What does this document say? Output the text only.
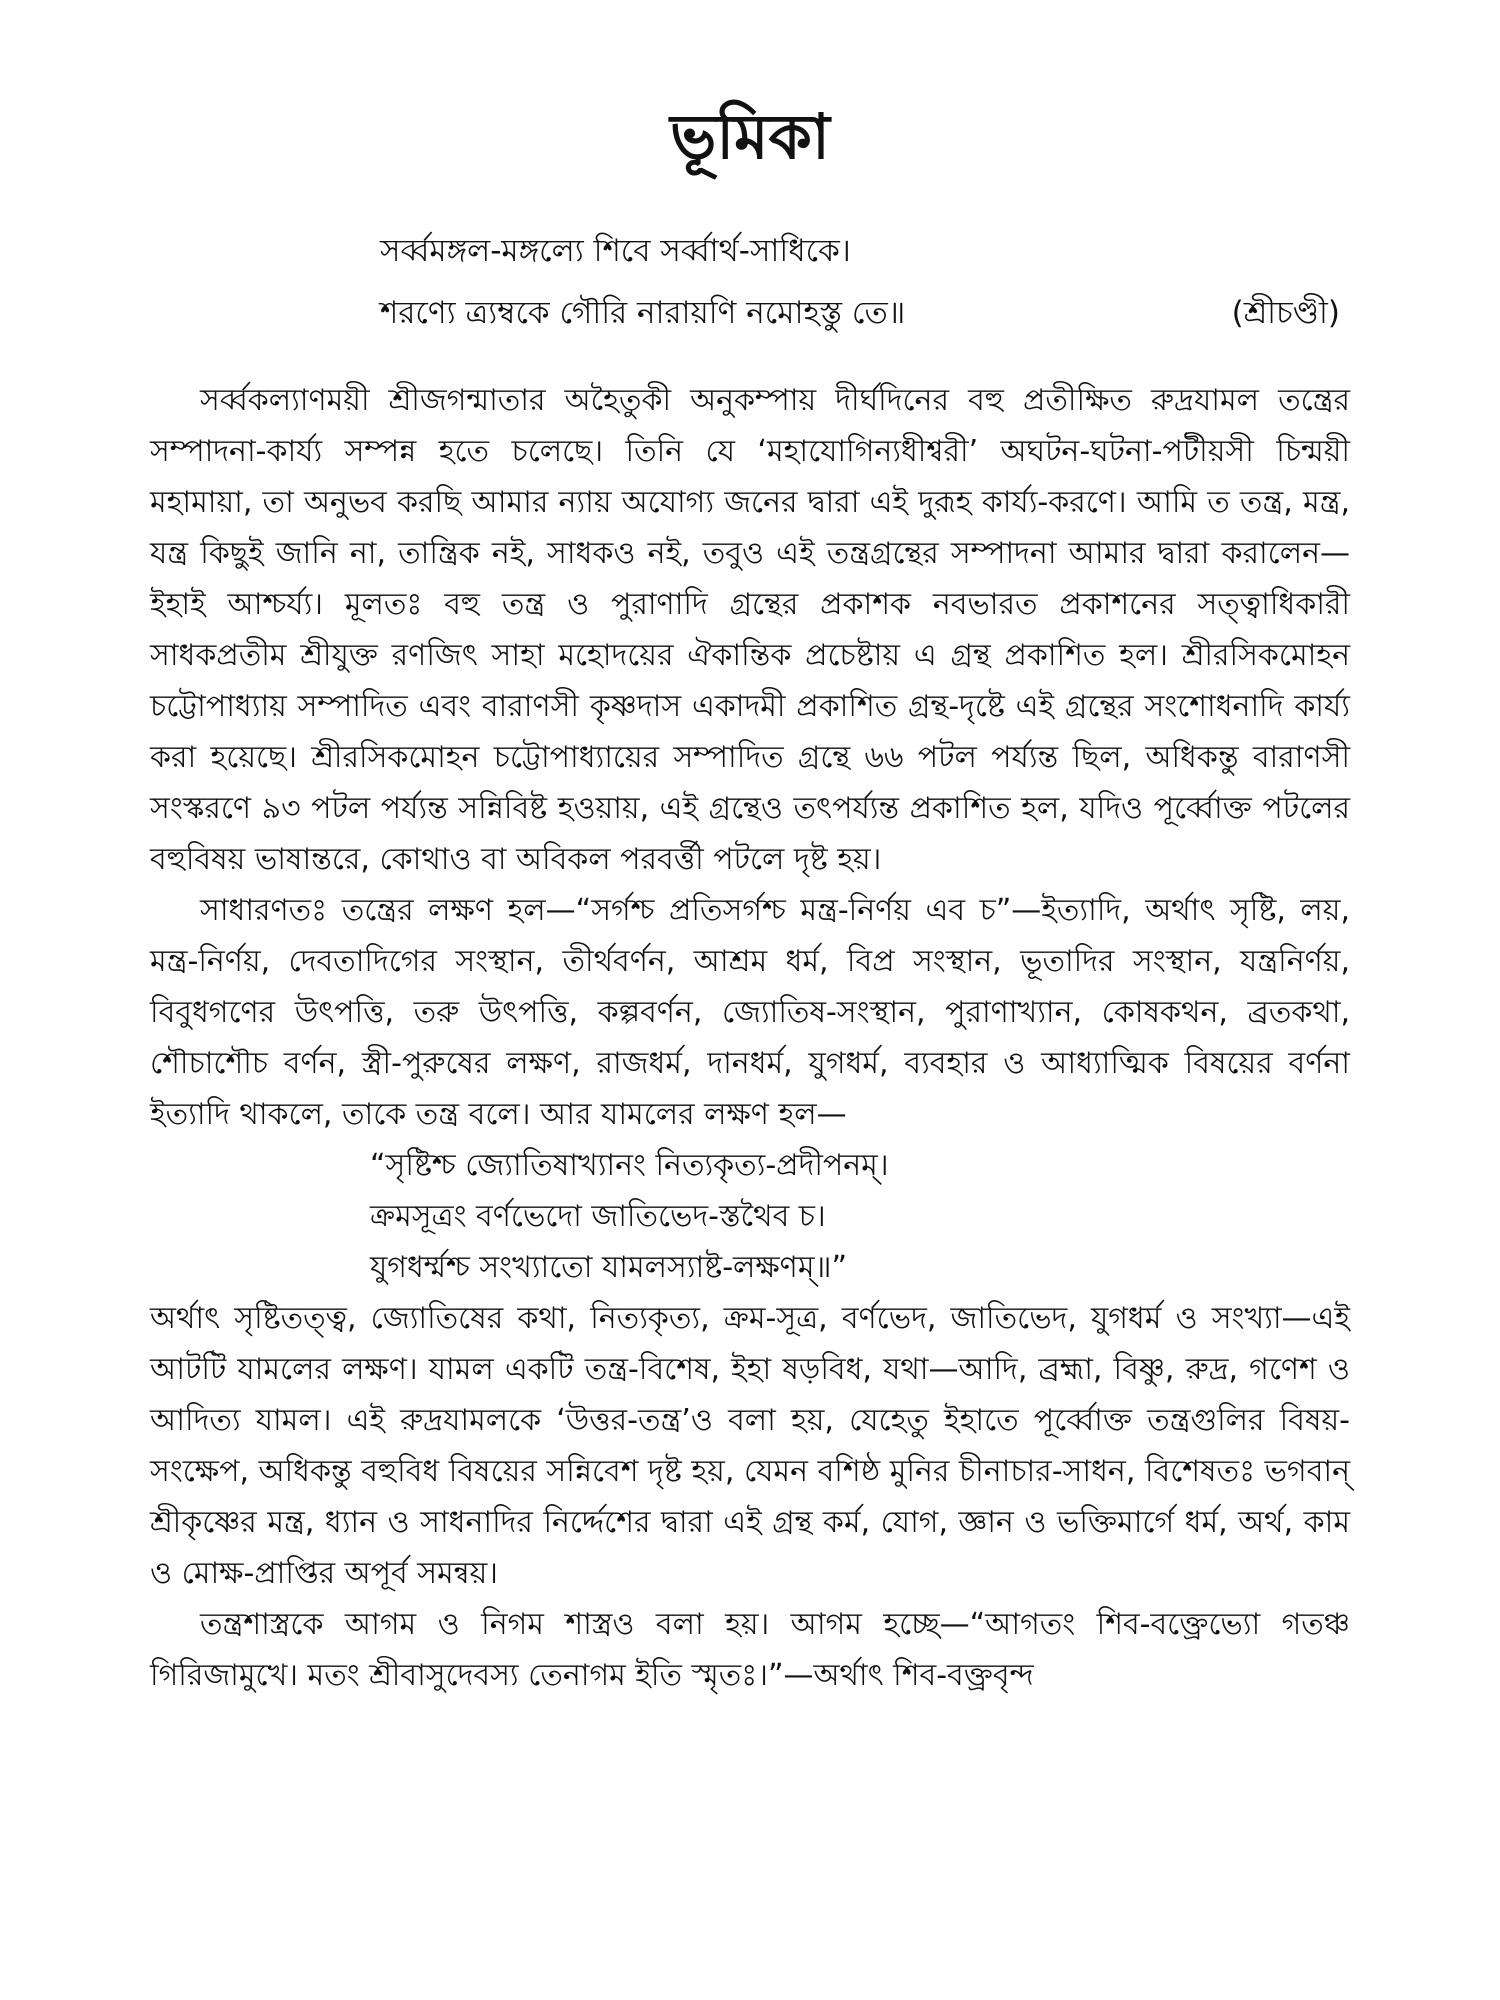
ভূমিকা
সর্ব্বমঙ্গল-মঙ্গল্যে শিবে সর্ব্বার্থ-সাধিকে।
শরণ্যে ত্র্যম্বকে গৌরি নারায়ণি নমোহস্তু তে॥	(শ্রীচণ্ডী)

সর্ব্বকল্যাণময়ী শ্রীজগন্মাতার অহৈতুকী অনুকম্পায় দীর্ঘদিনের বহু প্রতীক্ষিত রুদ্রযামল তন্ত্রের সম্পাদনা-কার্য্য সম্পন্ন হতে চলেছে। তিনি যে ‘মহাযোগিন্যধীশ্বরী’ অঘটন-ঘটনা-পটীয়সী চিন্ময়ী মহামায়া, তা অনুভব করছি আমার ন্যায় অযোগ্য জনের দ্বারা এই দুরূহ কার্য্য-করণে। আমি ত তন্ত্র, মন্ত্র, যন্ত্র কিছুই জানি না, তান্ত্রিক নই, সাধকও নই, তবুও এই তন্ত্রগ্রন্থের সম্পাদনা আমার দ্বারা করালেন—ইহাই আশ্চর্য্য। মূলতঃ বহু তন্ত্র ও পুরাণাদি গ্রন্থের প্রকাশক নবভারত প্রকাশনের সত্ত্বাধিকারী সাধকপ্রতীম শ্রীযুক্ত রণজিৎ সাহা মহোদয়ের ঐকান্তিক প্রচেষ্টায় এ গ্রন্থ প্রকাশিত হল। শ্রীরসিকমোহন চট্টোপাধ্যায় সম্পাদিত এবং বারাণসী কৃষ্ণদাস একাদমী প্রকাশিত গ্রন্থ-দৃষ্টে এই গ্রন্থের সংশোধনাদি কার্য্য করা হয়েছে। শ্রীরসিকমোহন চট্টোপাধ্যায়ের সম্পাদিত গ্রন্থে ৬৬ পটল পর্য্যন্ত ছিল, অধিকন্তু বারাণসী সংস্করণে ৯৩ পটল পর্য্যন্ত সন্নিবিষ্ট হওয়ায়, এই গ্রন্থেও তৎপর্য্যন্ত প্রকাশিত হল, যদিও পূর্ব্বোক্ত পটলের বহুবিষয় ভাষান্তরে, কোথাও বা অবিকল পরবর্ত্তী পটলে দৃষ্ট হয়।

সাধারণতঃ তন্ত্রের লক্ষণ হল—“সর্গশ্চ প্রতিসর্গশ্চ মন্ত্র-নির্ণয় এব চ”—ইত্যাদি, অর্থাৎ সৃষ্টি, লয়, মন্ত্র-নির্ণয়, দেবতাদিগের সংস্থান, তীর্থবর্ণন, আশ্রম ধর্ম, বিপ্র সংস্থান, ভূতাদির সংস্থান, যন্ত্রনির্ণয়, বিবুধগণের উৎপত্তি, তরু উৎপত্তি, কল্পবর্ণন, জ্যোতিষ-সংস্থান, পুরাণাখ্যান, কোষকথন, ব্রতকথা, শৌচাশৌচ বর্ণন, স্ত্রী-পুরুষের লক্ষণ, রাজধর্ম, দানধর্ম, যুগধর্ম, ব্যবহার ও আধ্যাত্মিক বিষয়ের বর্ণনা ইত্যাদি থাকলে, তাকে তন্ত্র বলে। আর যামলের লক্ষণ হল—

“সৃষ্টিশ্চ জ্যোতিষাখ্যানং নিত্যকৃত্য-প্রদীপনম্।
ক্রমসূত্রং বর্ণভেদো জাতিভেদ-স্তথৈব চ।
যুগধর্ম্মশ্চ সংখ্যাতো যামলস্যাষ্ট-লক্ষণম্॥”

অর্থাৎ সৃষ্টিতত্ত্ব, জ্যোতিষের কথা, নিত্যকৃত্য, ক্রম-সূত্র, বর্ণভেদ, জাতিভেদ, যুগধর্ম ও সংখ্যা—এই আটটি যামলের লক্ষণ। যামল একটি তন্ত্র-বিশেষ, ইহা ষড়বিধ, যথা—আদি, ব্রহ্মা, বিষ্ণু, রুদ্র, গণেশ ও আদিত্য যামল। এই রুদ্রযামলকে ‘উত্তর-তন্ত্র’ও বলা হয়, যেহেতু ইহাতে পূর্ব্বোক্ত তন্ত্রগুলির বিষয়-সংক্ষেপ, অধিকন্তু বহুবিধ বিষয়ের সন্নিবেশ দৃষ্ট হয়, যেমন বশিষ্ঠ মুনির চীনাচার-সাধন, বিশেষতঃ ভগবান্ শ্রীকৃষ্ণের মন্ত্র, ধ্যান ও সাধনাদির নির্দ্দেশের দ্বারা এই গ্রন্থ কর্ম, যোগ, জ্ঞান ও ভক্তিমার্গে ধর্ম, অর্থ, কাম ও মোক্ষ-প্রাপ্তির অপূর্ব সমন্বয়।

তন্ত্রশাস্ত্রকে আগম ও নিগম শাস্ত্রও বলা হয়। আগম হচ্ছে—“আগতং শিব-বক্ত্রেভ্যো গতঞ্চ গিরিজামুখে। মতং শ্রীবাসুদেবস্য তেনাগম ইতি স্মৃতঃ।”—অর্থাৎ শিব-বক্ত্রবৃন্দ
